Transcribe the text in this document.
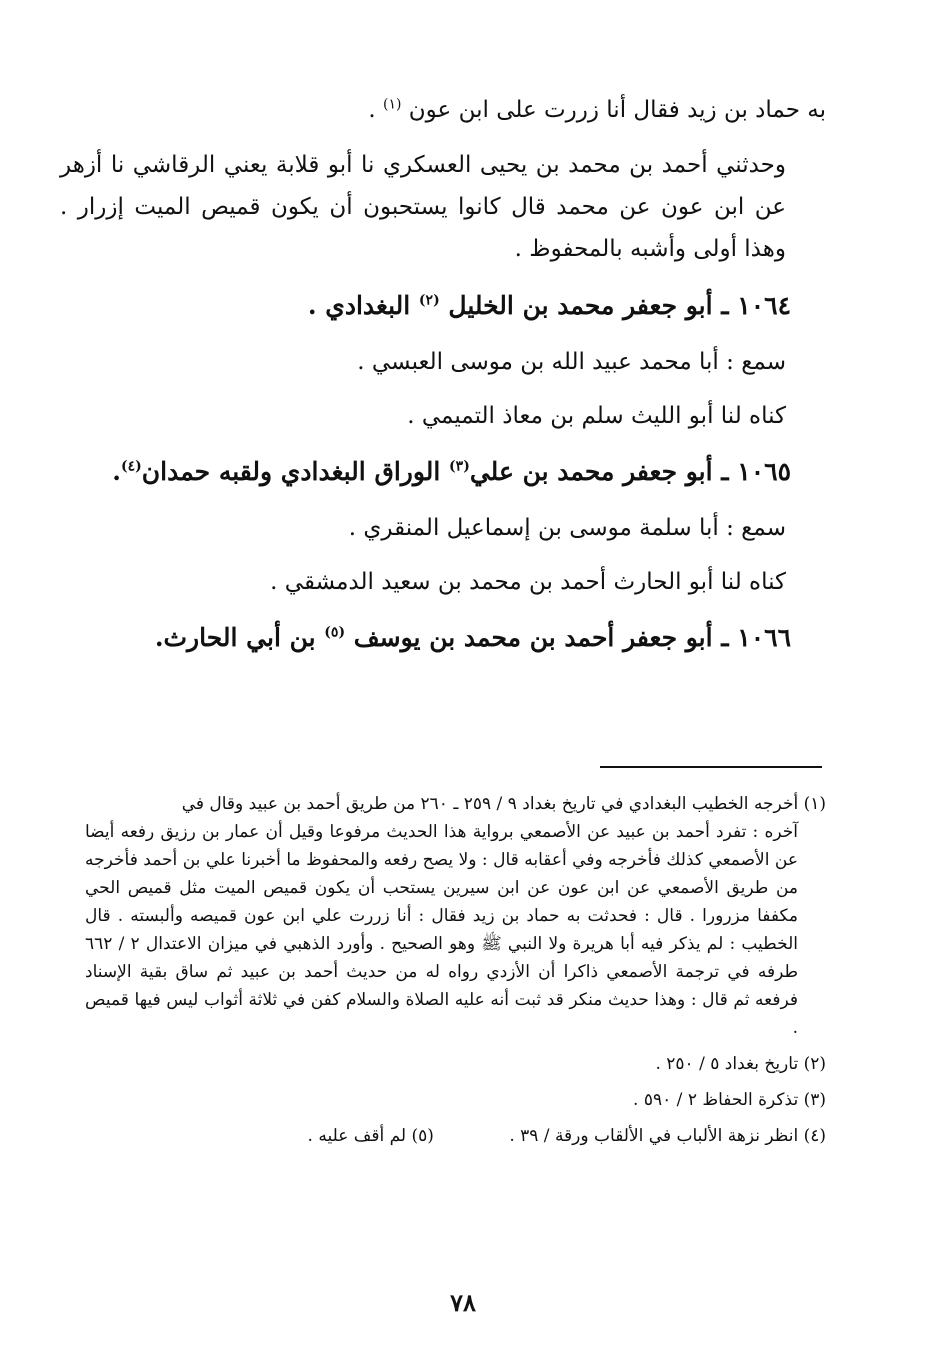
به حماد بن زيد فقال أنا زررت على ابن عون $^{(١)}$ .
وحدثني أحمد بن محمد بن يحيى العسكري نا أبو قلابة يعني الرقاشي نا أزهر عن ابن عون عن محمد قال كانوا يستحبون أن يكون قميص الميت إزرار . وهذا أولى وأشبه بالمحفوظ .
١٠٦٤ ـ أبو جعفر محمد بن الخليل $^{(٢)}$ البغدادي .
سمع : أبا محمد عبيد الله بن موسى العبسي .
كناه لنا أبو الليث سلم بن معاذ التميمي .
١٠٦٥ ـ أبو جعفر محمد بن علي$^{(٣)}$ الوراق البغدادي ولقبه حمدان$^{(٤)}$.
سمع : أبا سلمة موسى بن إسماعيل المنقري .
كناه لنا أبو الحارث أحمد بن محمد بن سعيد الدمشقي .
١٠٦٦ ـ أبو جعفر أحمد بن محمد بن يوسف $^{(٥)}$ بن أبي الحارث.
(١) أخرجه الخطيب البغدادي في تاريخ بغداد ٩ / ٢٥٩ ـ ٢٦٠ من طريق أحمد بن عبيد وقال في
آخره : تفرد أحمد بن عبيد عن الأصمعي برواية هذا الحديث مرفوعا وقيل أن عمار بن رزيق رفعه أيضا عن الأصمعي كذلك فأخرجه وفي أعقابه قال : ولا يصح رفعه والمحفوظ ما أخبرنا علي بن أحمد فأخرجه من طريق الأصمعي عن ابن عون عن ابن سيرين يستحب أن يكون قميص الميت مثل قميص الحي مكففا مزرورا . قال : فحدثت به حماد بن زيد فقال : أنا زررت علي ابن عون قميصه وألبسته . قال الخطيب : لم يذكر فيه أبا هريرة ولا النبي ﷺ وهو الصحيح . وأورد الذهبي في ميزان الاعتدال ٢ / ٦٦٢ طرفه في ترجمة الأصمعي ذاكرا أن الأزدي رواه له من حديث أحمد بن عبيد ثم ساق بقية الإسناد فرفعه ثم قال : وهذا حديث منكر قد ثبت أنه عليه الصلاة والسلام كفن في ثلاثة أثواب ليس فيها قميص .
(٢) تاريخ بغداد ٥ / ٢٥٠ .
(٣) تذكرة الحفاظ ٢ / ٥٩٠ .
(٤) انظر نزهة الألباب في الألقاب ورقة / ٣٩ . (٥) لم أقف عليه .
٧٨
